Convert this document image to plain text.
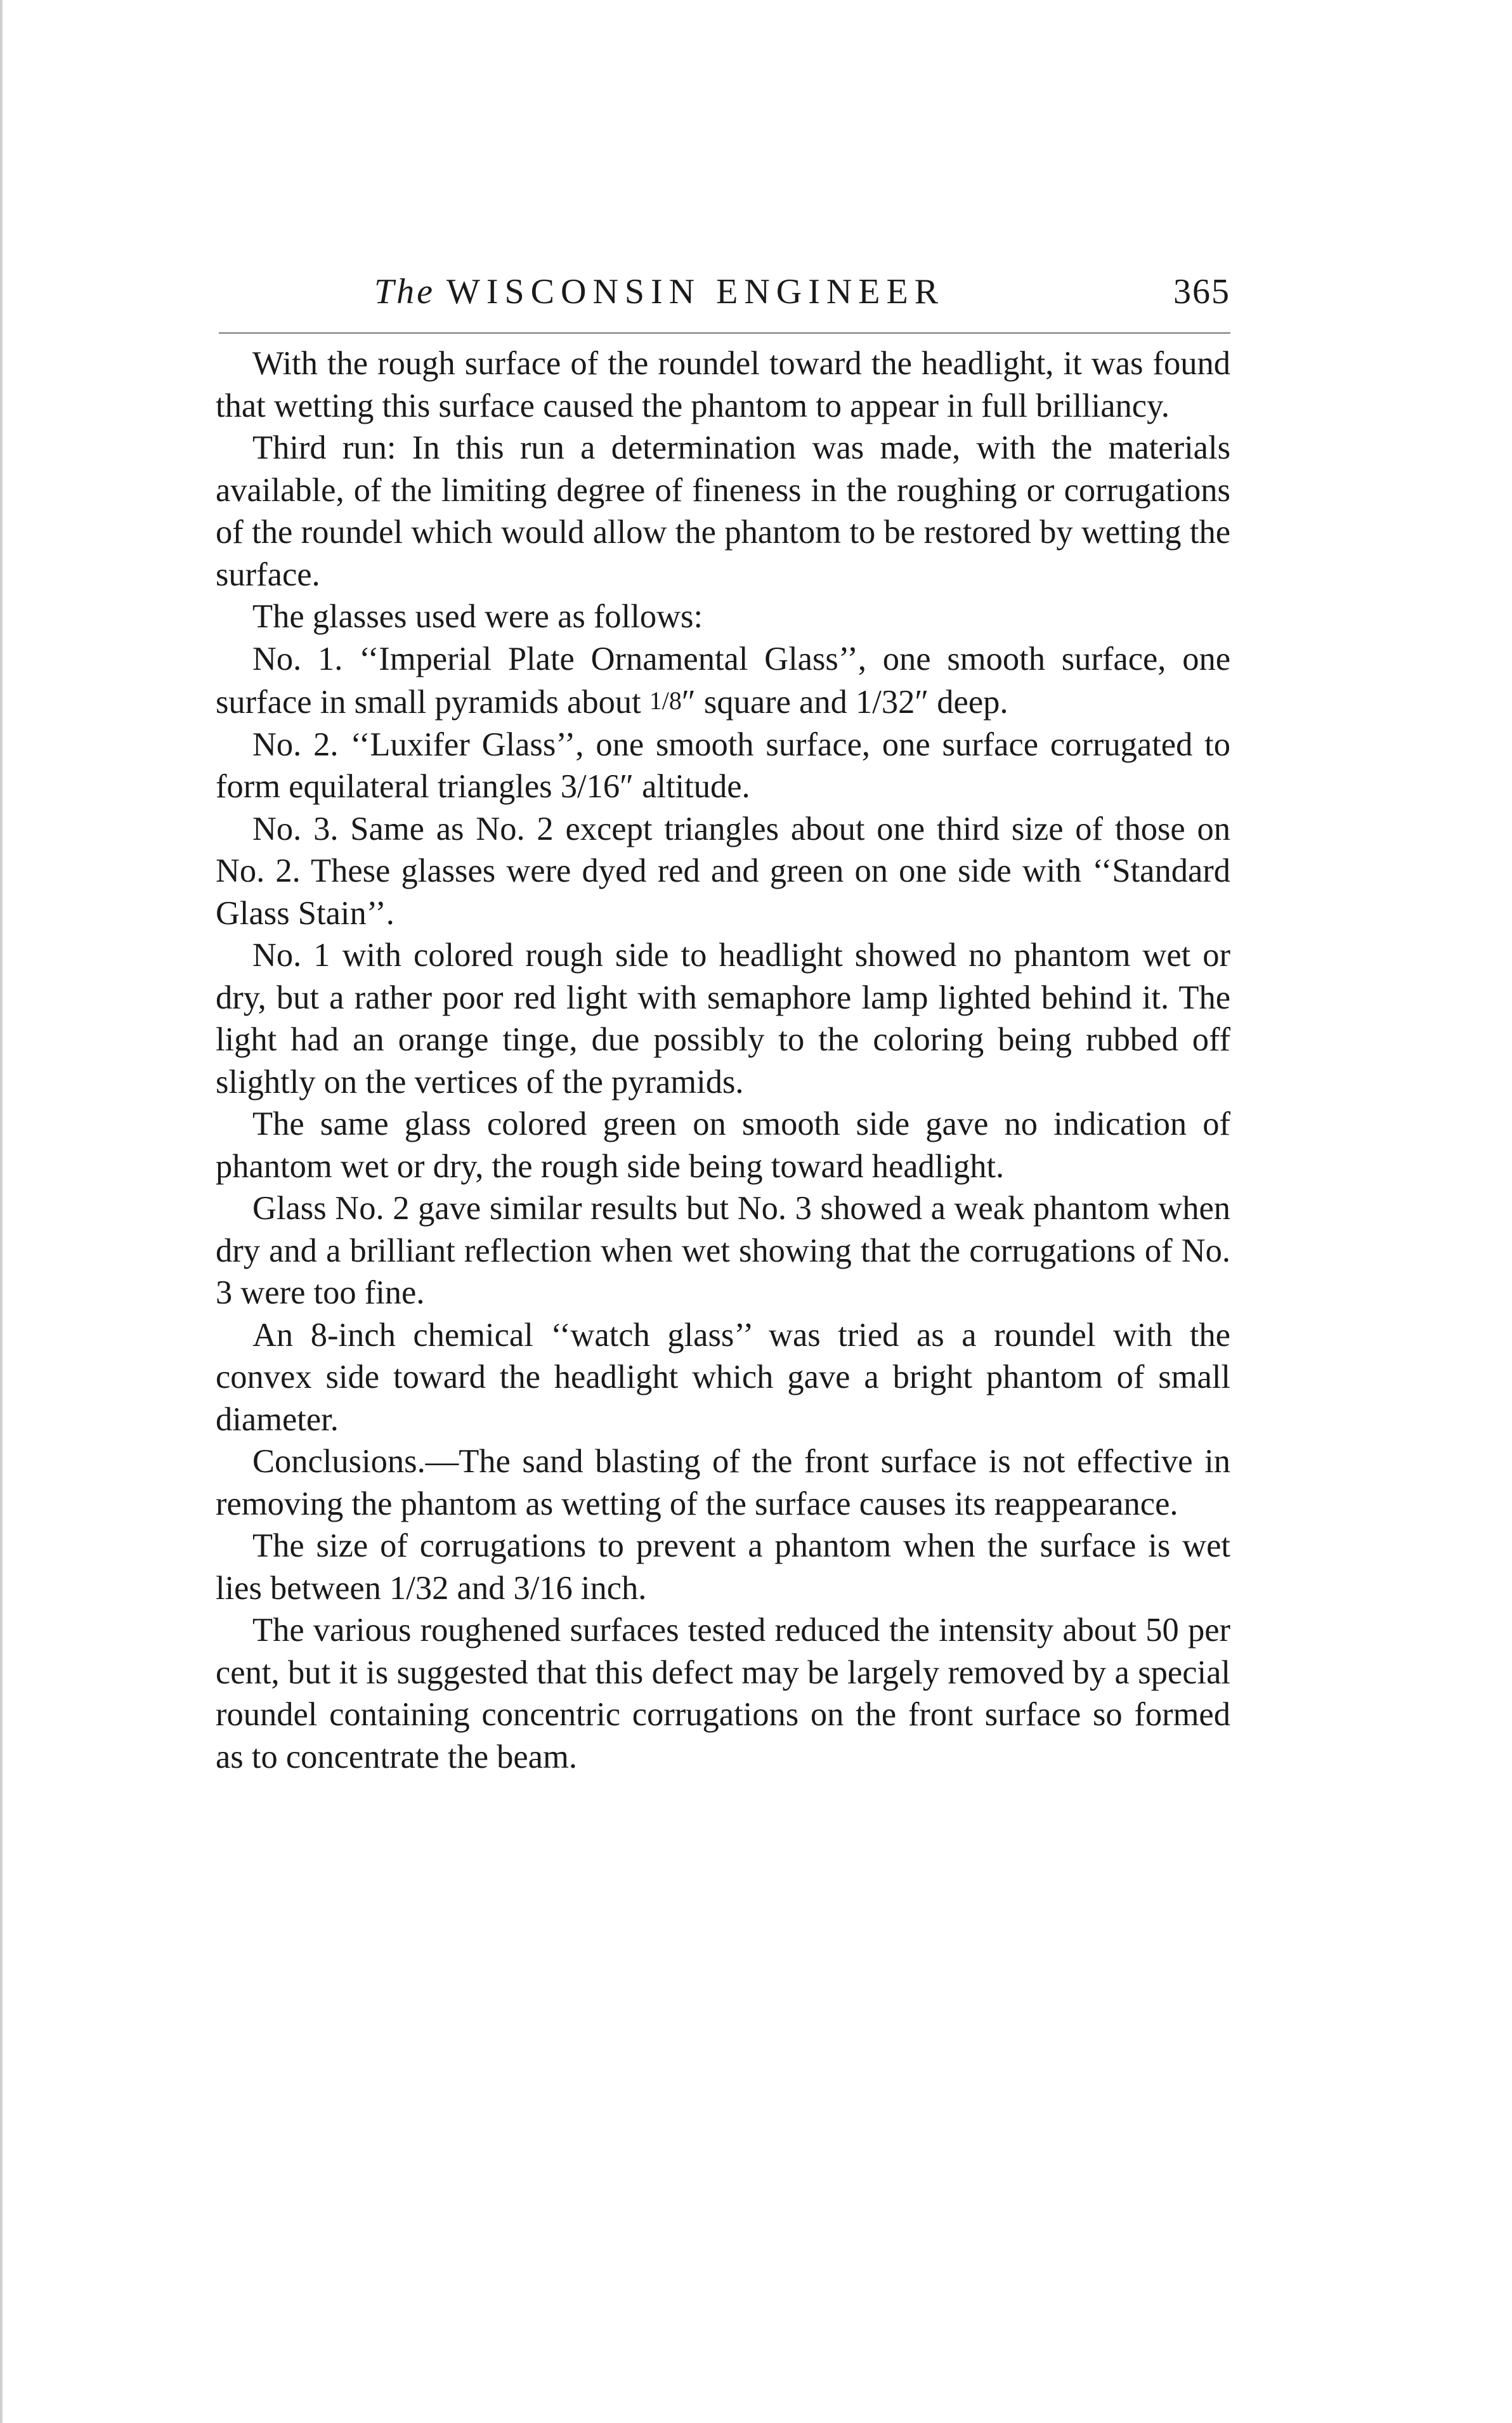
The WISCONSIN ENGINEER	365

With the rough surface of the roundel toward the headlight, it was found that wetting this surface caused the phantom to appear in full brilliancy.

Third run: In this run a determination was made, with the materials available, of the limiting degree of fineness in the roughing or corrugations of the roundel which would allow the phantom to be restored by wetting the surface.

The glasses used were as follows:

No. 1. ‘‘Imperial Plate Ornamental Glass’’, one smooth surface, one surface in small pyramids about 1/8″ square and 1/32″ deep.

No. 2. ‘‘Luxifer Glass’’, one smooth surface, one surface corrugated to form equilateral triangles 3/16″ altitude.

No. 3. Same as No. 2 except triangles about one third size of those on No. 2. These glasses were dyed red and green on one side with ‘‘Standard Glass Stain’’.

No. 1 with colored rough side to headlight showed no phantom wet or dry, but a rather poor red light with semaphore lamp lighted behind it. The light had an orange tinge, due possibly to the coloring being rubbed off slightly on the vertices of the pyramids.

The same glass colored green on smooth side gave no indication of phantom wet or dry, the rough side being toward headlight.

Glass No. 2 gave similar results but No. 3 showed a weak phantom when dry and a brilliant reflection when wet showing that the corrugations of No. 3 were too fine.

An 8-inch chemical ‘‘watch glass’’ was tried as a roundel with the convex side toward the headlight which gave a bright phantom of small diameter.

Conclusions.—The sand blasting of the front surface is not effective in removing the phantom as wetting of the surface causes its reappearance.

The size of corrugations to prevent a phantom when the surface is wet lies between 1/32 and 3/16 inch.

The various roughened surfaces tested reduced the intensity about 50 per cent, but it is suggested that this defect may be largely removed by a special roundel containing concentric corrugations on the front surface so formed as to concentrate the beam.
